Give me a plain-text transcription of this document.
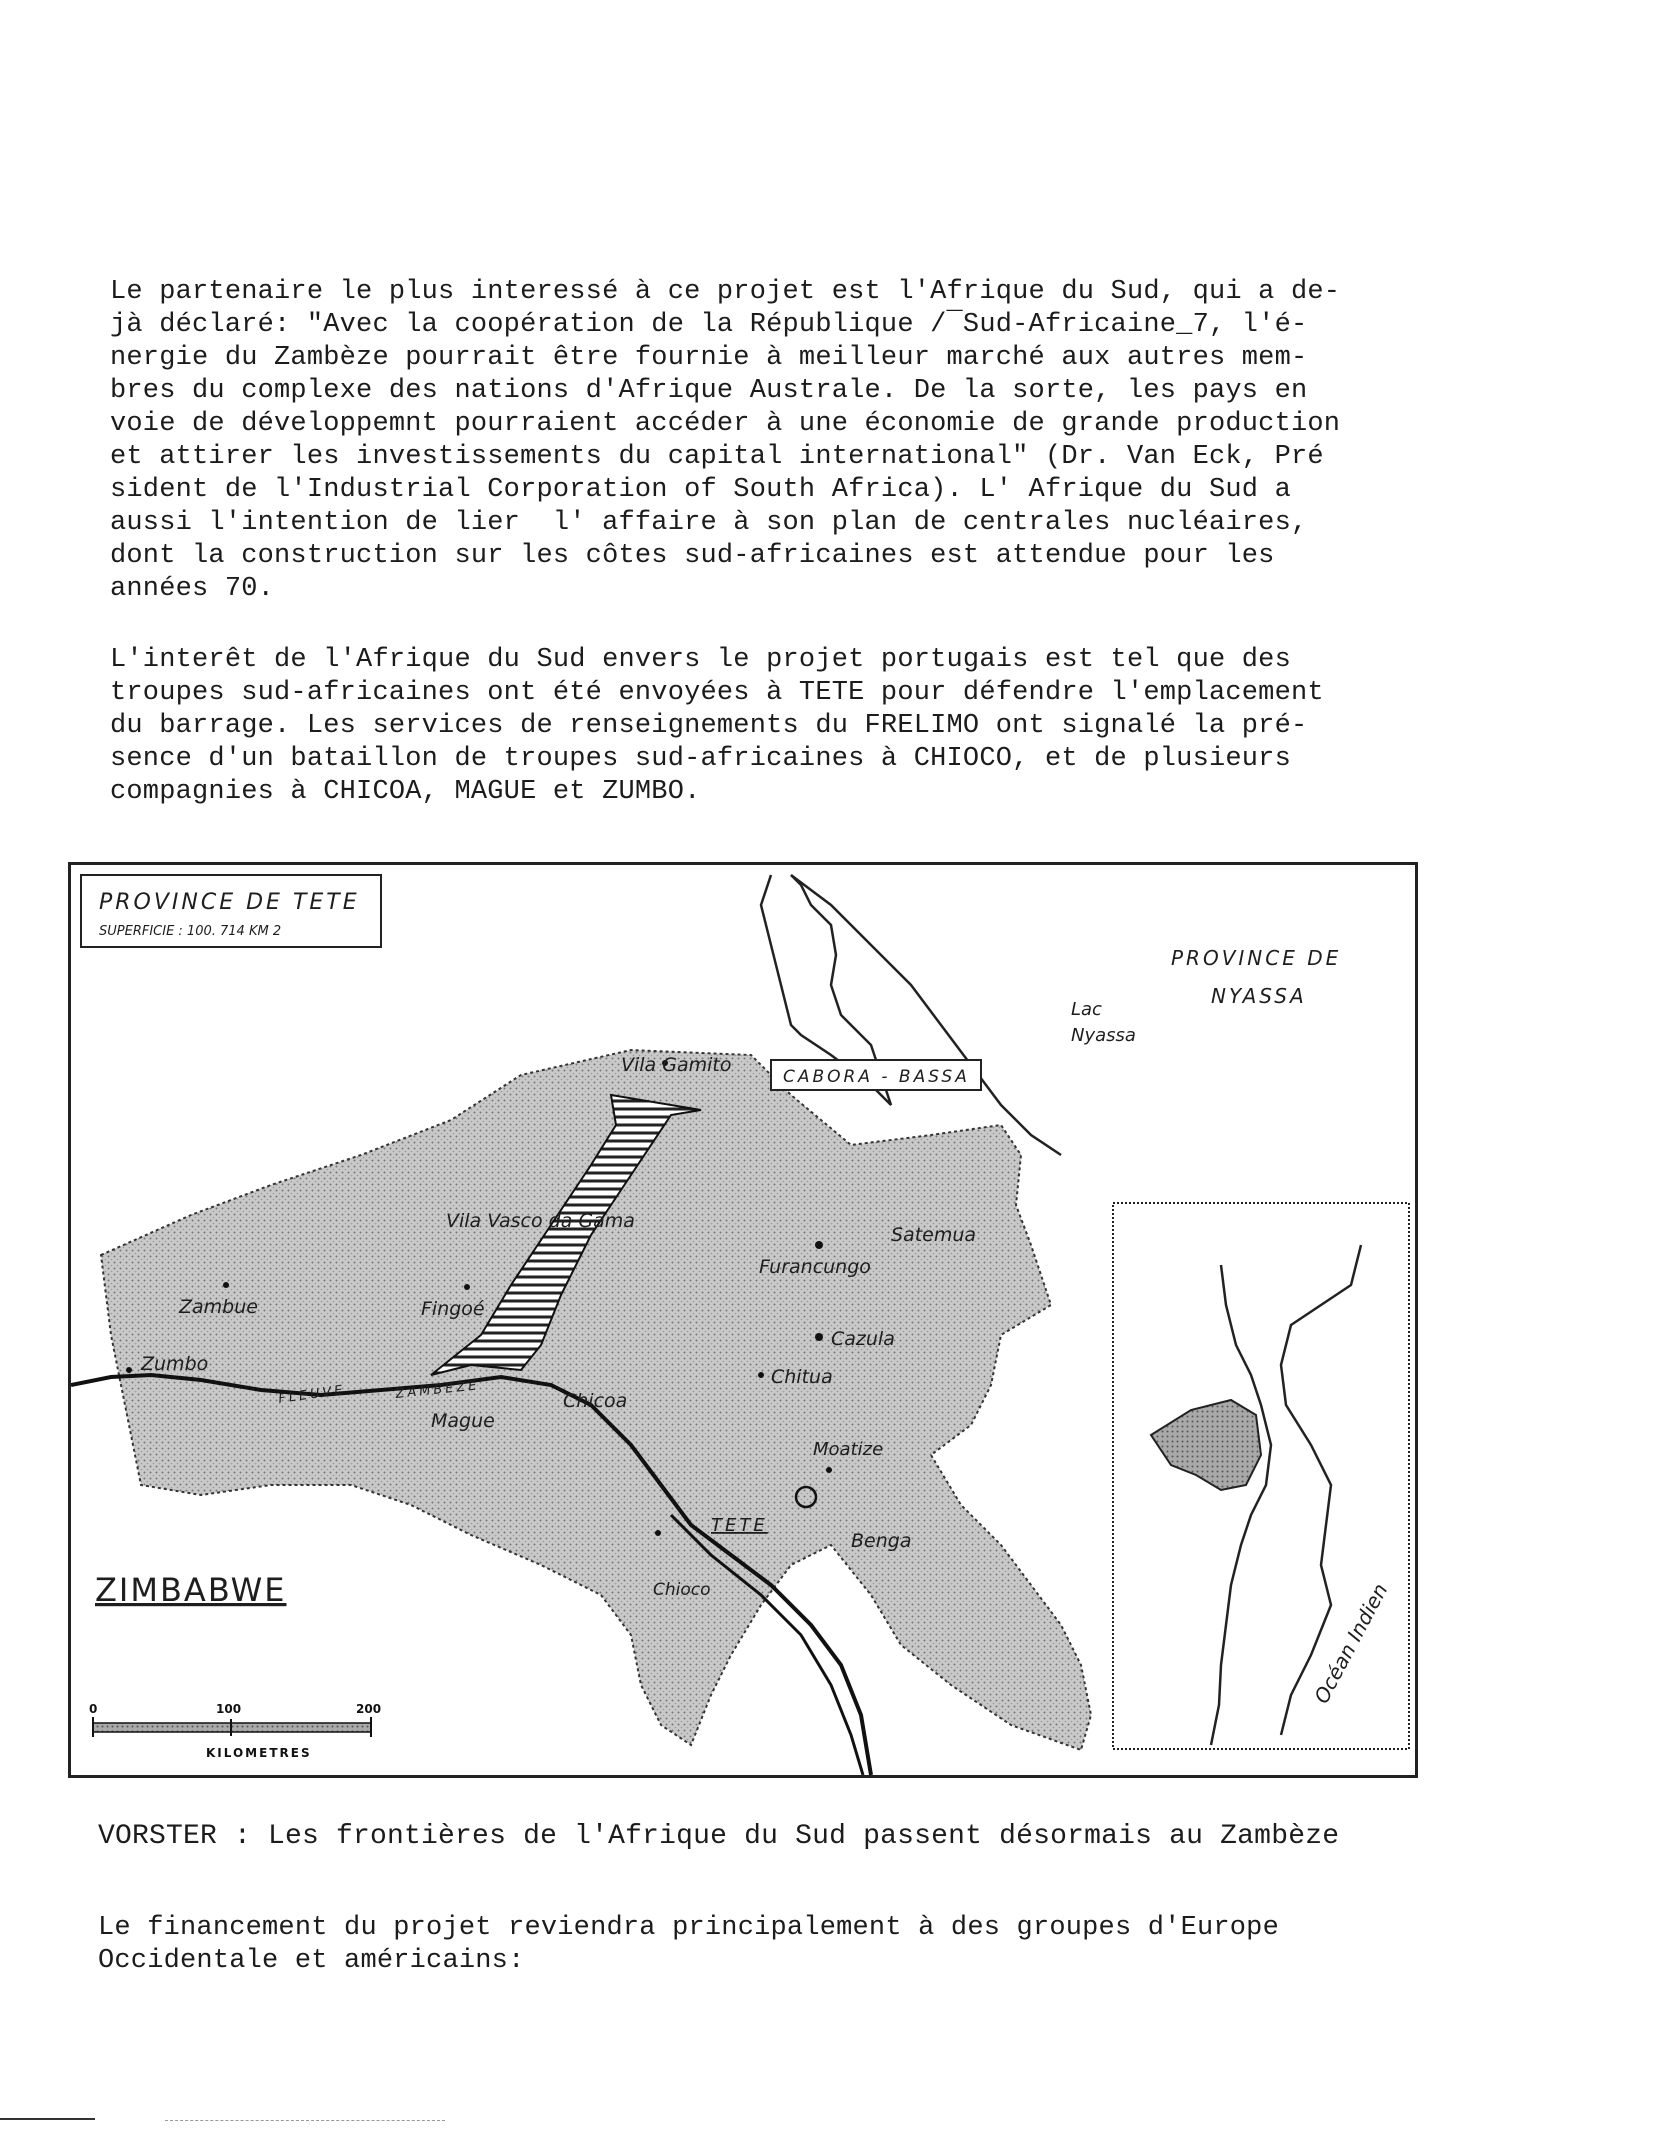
Le partenaire le plus interessé à ce projet est l'Afrique du Sud, qui a de-
jà déclaré: "Avec la coopération de la République /¯Sud-Africaine_7, l'é-
nergie du Zambèze pourrait être fournie à meilleur marché aux autres mem-
bres du complexe des nations d'Afrique Australe. De la sorte, les pays en
voie de développemnt pourraient accéder à une économie de grande production
et attirer les investissements du capital international" (Dr. Van Eck, Pré
sident de l'Industrial Corporation of South Africa). L' Afrique du Sud a
aussi l'intention de lier  l' affaire à son plan de centrales nucléaires,
dont la construction sur les côtes sud-africaines est attendue pour les
années 70.

L'interêt de l'Afrique du Sud envers le projet portugais est tel que des
troupes sud-africaines ont été envoyées à TETE pour défendre l'emplacement
du barrage. Les services de renseignements du FRELIMO ont signalé la pré-
sence d'un bataillon de troupes sud-africaines à CHIOCO, et de plusieurs
compagnies à CHICOA, MAGUE et ZUMBO.

PROVINCE DE TETE
SUPERFICIE : 100. 714 KM 2
CABORA - BASSA
PROVINCE DE
NYASSA
Lac
Nyassa
Vila Gamito
Vila Vasco da Gama
Zambue	Fingoé
Zumbo
Mague
Chicoa
Furancungo
Satemua
Cazula
Chitua
Moatize
TETE
Benga
Chioco
FLEUVE	ZAMBEZE
ZIMBABWE
0	100	200
KILOMETRES
Océan Indien

VORSTER : Les frontières de l'Afrique du Sud passent désormais au Zambèze

Le financement du projet reviendra principalement à des groupes d'Europe
Occidentale et américains:
